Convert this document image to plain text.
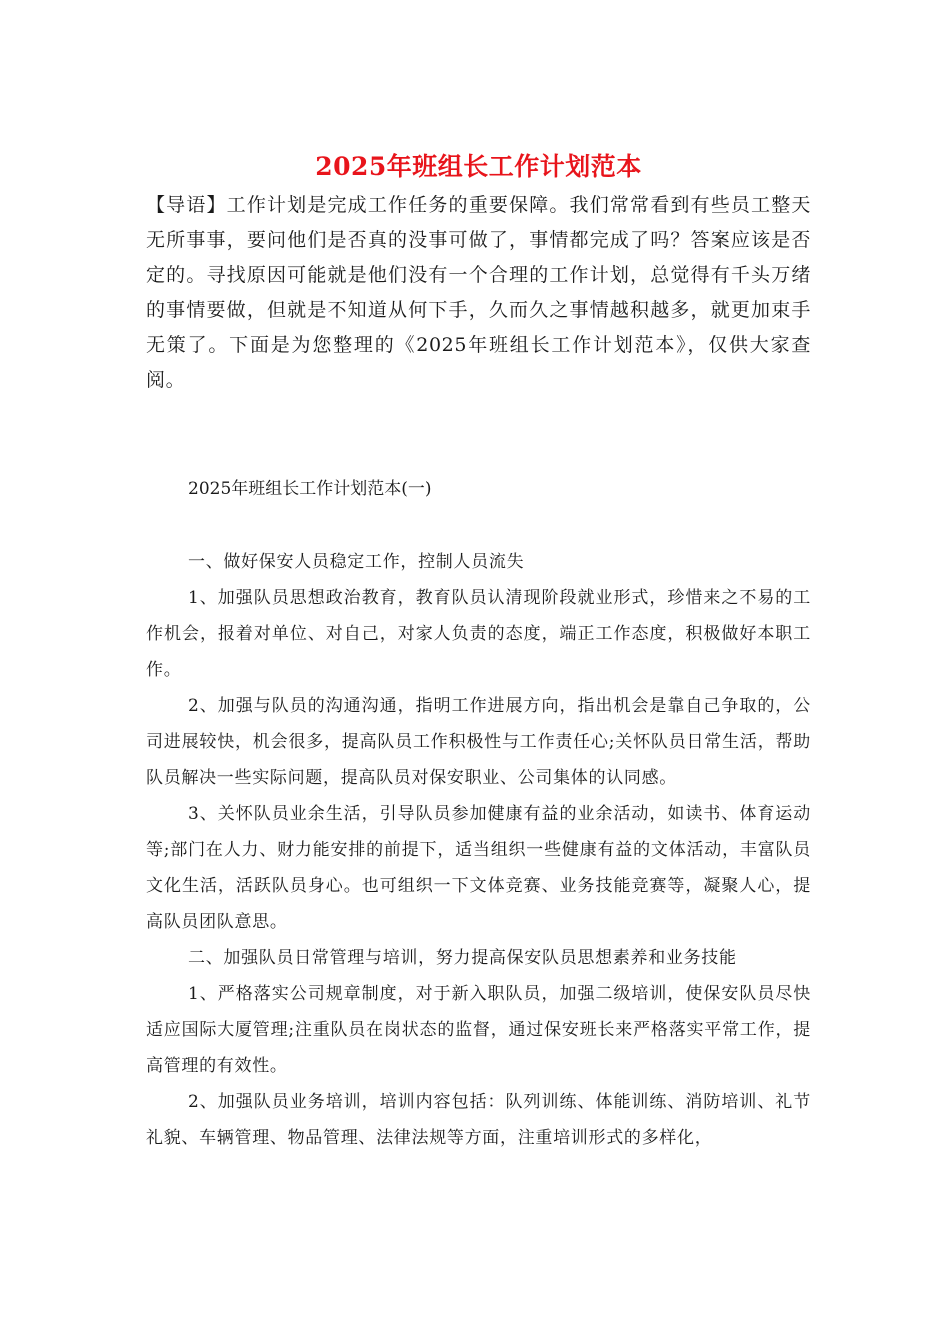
2025年班组长工作计划范本

【导语】工作计划是完成工作任务的重要保障。我们常常看到有些员工整天无所事事，要问他们是否真的没事可做了，事情都完成了吗？答案应该是否定的。寻找原因可能就是他们没有一个合理的工作计划，总觉得有千头万绪的事情要做，但就是不知道从何下手，久而久之事情越积越多，就更加束手无策了。下面是为您整理的《2025年班组长工作计划范本》，仅供大家查阅。

2025年班组长工作计划范本(一)

一、做好保安人员稳定工作，控制人员流失

1、加强队员思想政治教育，教育队员认清现阶段就业形式，珍惜来之不易的工作机会，报着对单位、对自己，对家人负责的态度，端正工作态度，积极做好本职工作。

2、加强与队员的沟通沟通，指明工作进展方向，指出机会是靠自己争取的，公司进展较快，机会很多，提高队员工作积极性与工作责任心;关怀队员日常生活，帮助队员解决一些实际问题，提高队员对保安职业、公司集体的认同感。

3、关怀队员业余生活，引导队员参加健康有益的业余活动，如读书、体育运动等;部门在人力、财力能安排的前提下，适当组织一些健康有益的文体活动，丰富队员文化生活，活跃队员身心。也可组织一下文体竞赛、业务技能竞赛等，凝聚人心，提高队员团队意思。

二、加强队员日常管理与培训，努力提高保安队员思想素养和业务技能

1、严格落实公司规章制度，对于新入职队员，加强二级培训，使保安队员尽快适应国际大厦管理;注重队员在岗状态的监督，通过保安班长来严格落实平常工作，提高管理的有效性。

2、加强队员业务培训，培训内容包括：队列训练、体能训练、消防培训、礼节礼貌、车辆管理、物品管理、法律法规等方面，注重培训形式的多样化，
